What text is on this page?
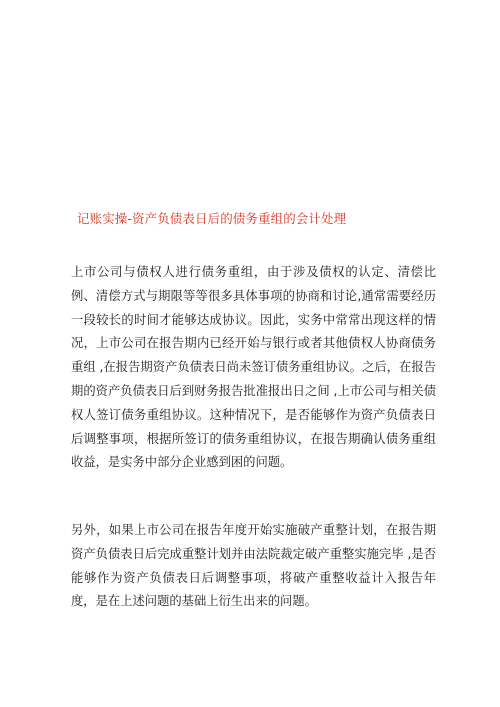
记账实操-资产负债表日后的债务重组的会计处理

上市公司与债权人进行债务重组，由于涉及债权的认定、清偿比例、清偿方式与期限等等很多具体事项的协商和讨论,通常需要经历一段较长的时间才能够达成协议。因此，实务中常常出现这样的情况，上市公司在报告期内已经开始与银行或者其他债权人协商债务重组 ,在报告期资产负债表日尚未签订债务重组协议。之后，在报告期的资产负债表日后到财务报告批准报出日之间 ,上市公司与相关债权人签订债务重组协议。这种情况下，是否能够作为资产负债表日后调整事项，根据所签订的债务重组协议，在报告期确认债务重组收益，是实务中部分企业感到困的问题。

另外，如果上市公司在报告年度开始实施破产重整计划，在报告期资产负债表日后完成重整计划并由法院裁定破产重整实施完毕 ,是否能够作为资产负债表日后调整事项，将破产重整收益计入报告年度，是在上述问题的基础上衍生出来的问题。
